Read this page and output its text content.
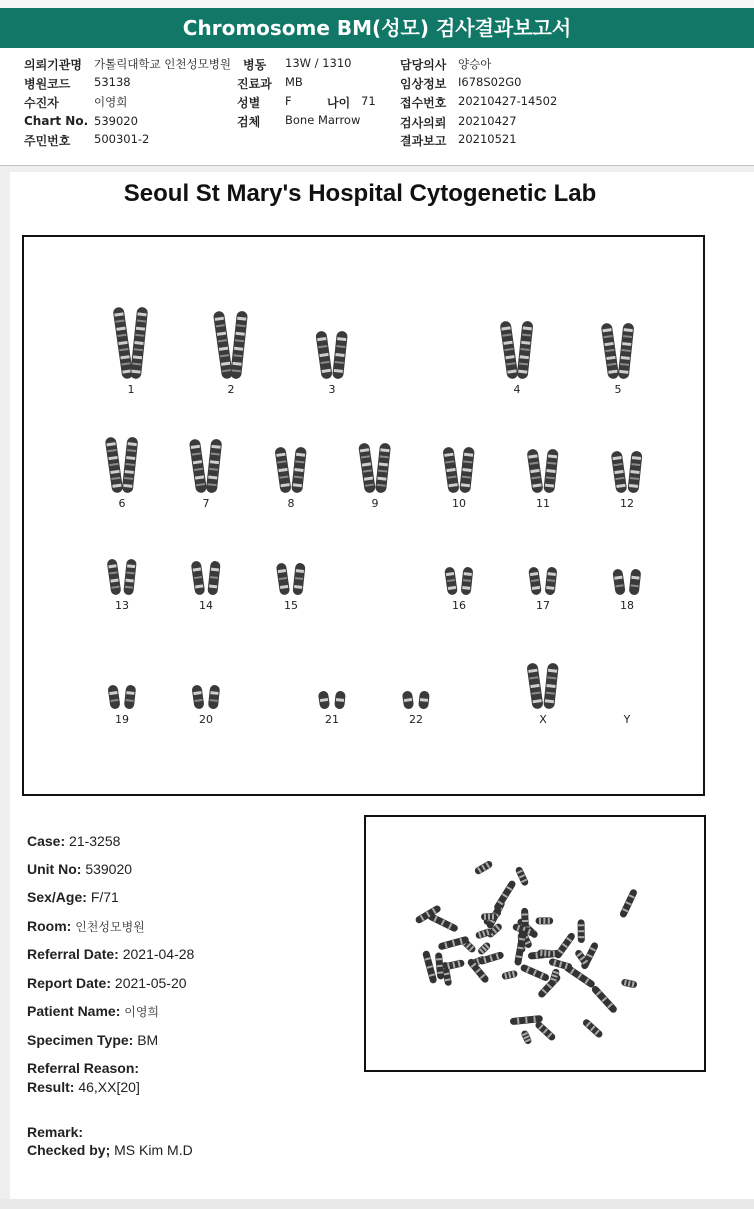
Chromosome BM(성모) 검사결과보고서
의뢰기관명 가톨릭대학교 인천성모병원 병동 13W / 1310	담당의사 양승아
병원코드 53138	진료과 MB	임상정보 I678S02G0
수진자	이영희	성별 F	나이 71 접수번호 20210427-14502
Chart No. 539020	검체 Bone Marrow	검사의뢰 20210427
주민번호 500301-2	결과보고 20210521
Seoul St Mary's Hospital Cytogenetic Lab
1	2	3	4	5
6	7	8	9	10	11	12
13	14	15	16	17	18
19	20	21	22	X	Y
Case: 21-3258
Unit No: 539020
Sex/Age: F/71
Room: 인천성모병원
Referral Date: 2021-04-28
Report Date: 2021-05-20
Patient Name: 이영희
Specimen Type: BM
Referral Reason:
Result: 46,XX[20]
Remark:
Checked by; MS Kim M.D
